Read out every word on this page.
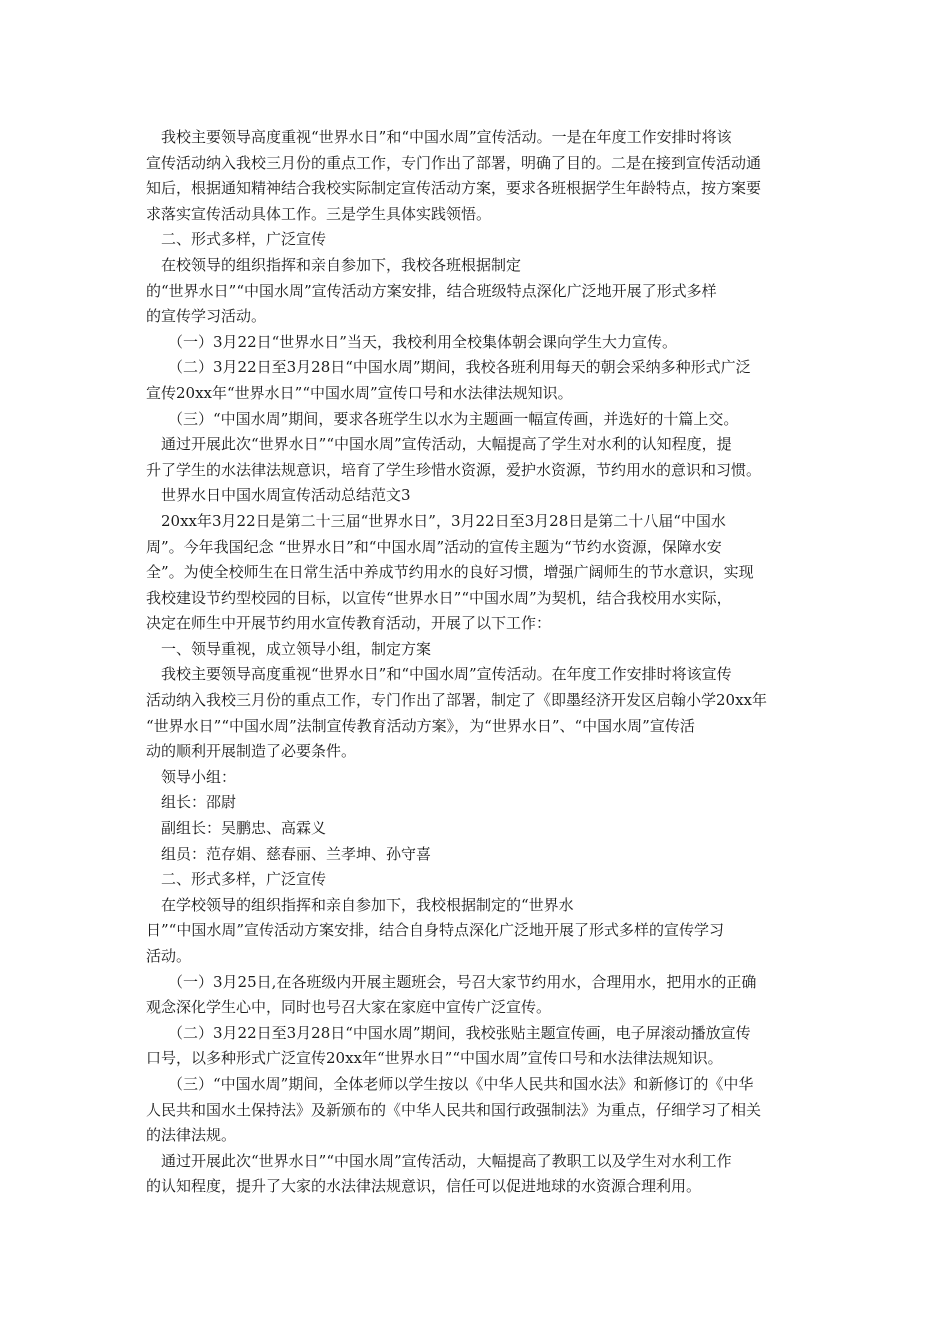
我校主要领导高度重视“世界水日”和“中国水周”宣传活动。一是在年度工作安排时将该
宣传活动纳入我校三月份的重点工作，专门作出了部署，明确了目的。二是在接到宣传活动通
知后，根据通知精神结合我校实际制定宣传活动方案，要求各班根据学生年龄特点，按方案要
求落实宣传活动具体工作。三是学生具体实践领悟。
二、形式多样，广泛宣传
在校领导的组织指挥和亲自参加下，我校各班根据制定
的“世界水日”“中国水周”宣传活动方案安排，结合班级特点深化广泛地开展了形式多样
的宣传学习活动。
（一）3月22日“世界水日”当天，我校利用全校集体朝会课向学生大力宣传。
（二）3月22日至3月28日“中国水周”期间，我校各班利用每天的朝会采纳多种形式广泛
宣传20xx年“世界水日”“中国水周”宣传口号和水法律法规知识。
（三）“中国水周”期间，要求各班学生以水为主题画一幅宣传画，并选好的十篇上交。
通过开展此次“世界水日”“中国水周”宣传活动，大幅提高了学生对水利的认知程度，提
升了学生的水法律法规意识，培育了学生珍惜水资源，爱护水资源，节约用水的意识和习惯。
世界水日中国水周宣传活动总结范文3
20xx年3月22日是第二十三届“世界水日”，3月22日至3月28日是第二十八届“中国水
周”。今年我国纪念 “世界水日”和“中国水周”活动的宣传主题为“节约水资源，保障水安
全”。为使全校师生在日常生活中养成节约用水的良好习惯，增强广阔师生的节水意识，实现
我校建设节约型校园的目标，以宣传“世界水日”“中国水周”为契机，结合我校用水实际，
决定在师生中开展节约用水宣传教育活动，开展了以下工作：
一、领导重视，成立领导小组，制定方案
我校主要领导高度重视“世界水日”和“中国水周”宣传活动。在年度工作安排时将该宣传
活动纳入我校三月份的重点工作，专门作出了部署，制定了《即墨经济开发区启翰小学20xx年
“世界水日”“中国水周”法制宣传教育活动方案》，为“世界水日”、“中国水周”宣传活
动的顺利开展制造了必要条件。
领导小组：
组长：邵尉
副组长：吴鹏忠、高霖义
组员：范存娟、慈春丽、兰孝坤、孙守喜
二、形式多样，广泛宣传
在学校领导的组织指挥和亲自参加下，我校根据制定的“世界水
日”“中国水周”宣传活动方案安排，结合自身特点深化广泛地开展了形式多样的宣传学习
活动。
（一）3月25日,在各班级内开展主题班会，号召大家节约用水，合理用水，把用水的正确
观念深化学生心中，同时也号召大家在家庭中宣传广泛宣传。
（二）3月22日至3月28日“中国水周”期间，我校张贴主题宣传画，电子屏滚动播放宣传
口号，以多种形式广泛宣传20xx年“世界水日”“中国水周”宣传口号和水法律法规知识。
（三）“中国水周”期间，全体老师以学生按以《中华人民共和国水法》和新修订的《中华
人民共和国水土保持法》及新颁布的《中华人民共和国行政强制法》为重点，仔细学习了相关
的法律法规。
通过开展此次“世界水日”“中国水周”宣传活动，大幅提高了教职工以及学生对水利工作
的认知程度，提升了大家的水法律法规意识，信任可以促进地球的水资源合理利用。
